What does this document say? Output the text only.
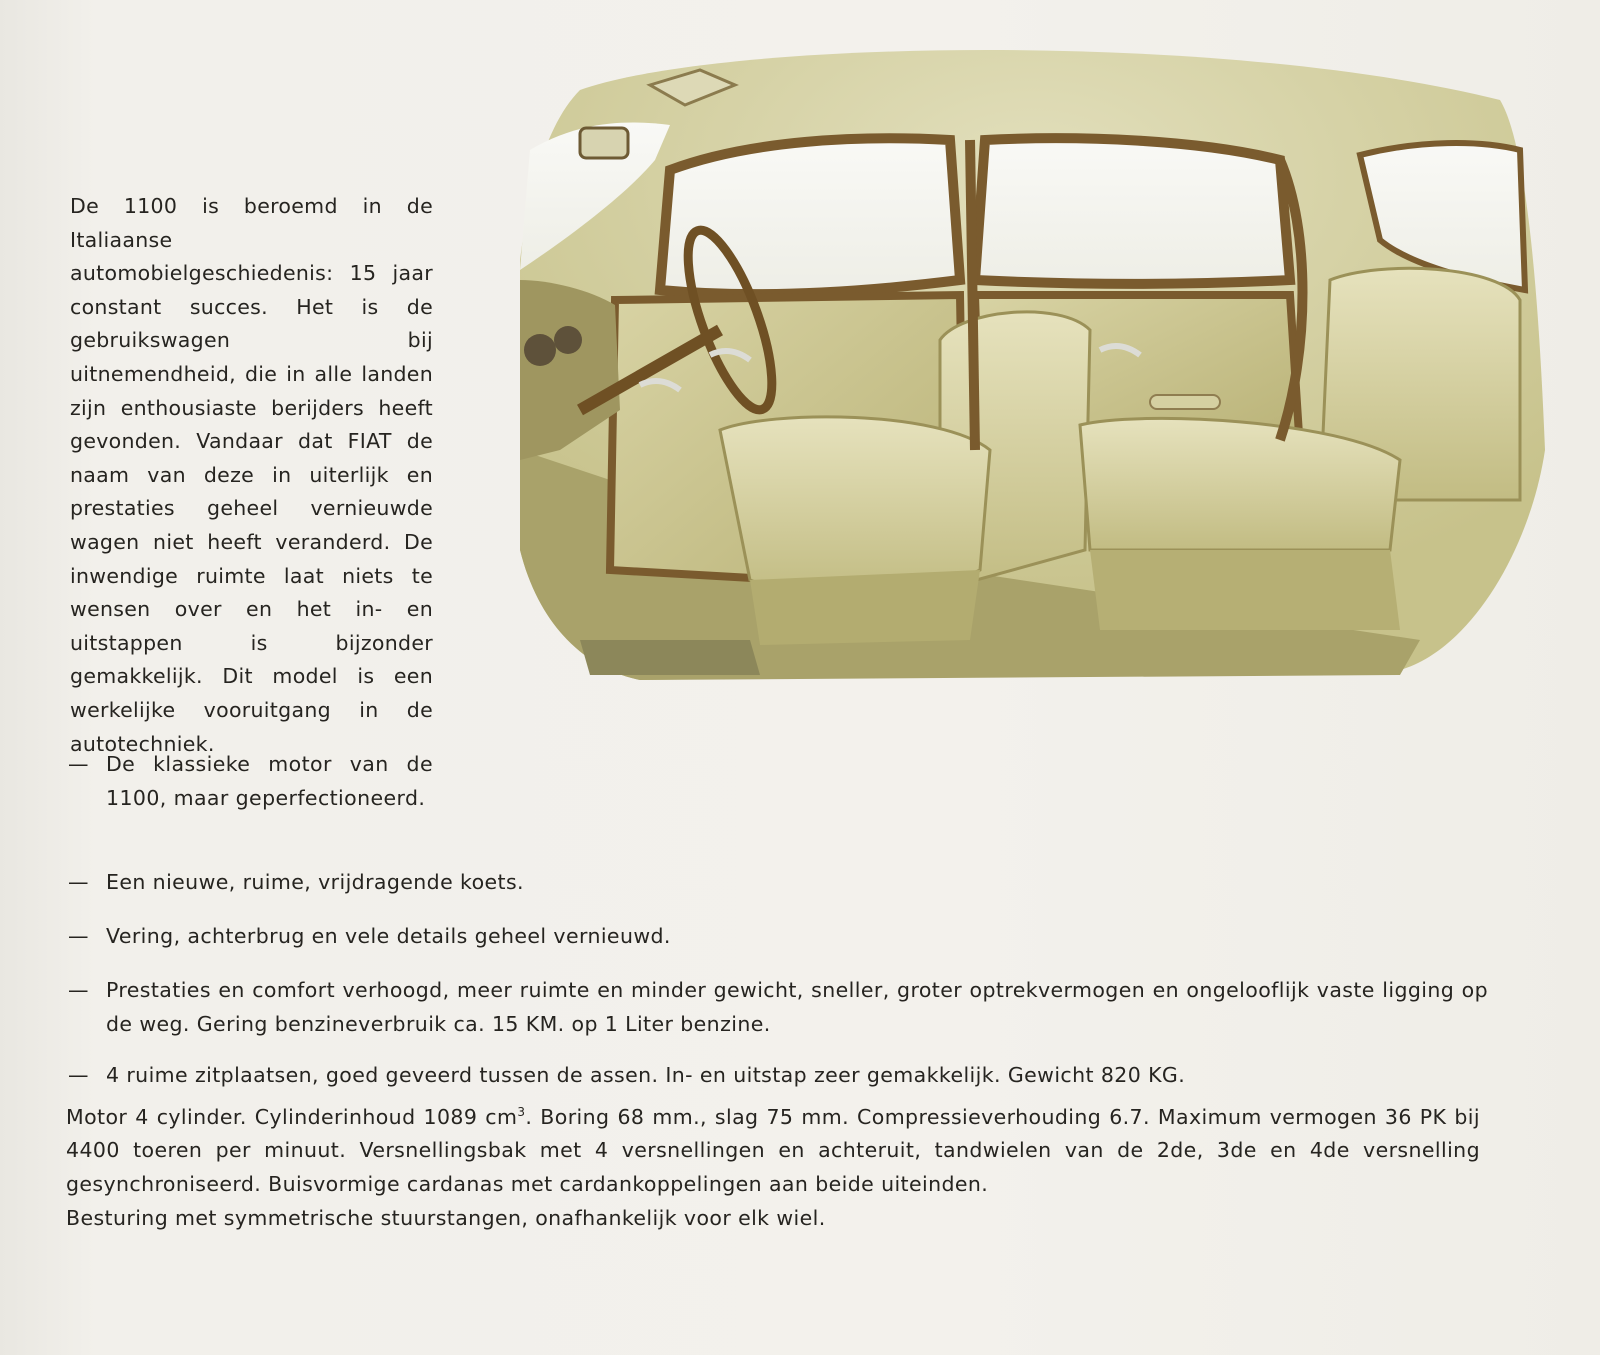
De 1100 is beroemd in de Italiaanse automobielgeschiedenis: 15 jaar constant succes. Het is de gebruikswagen bij uitnemendheid, die in alle landen zijn enthousiaste berijders heeft gevonden. Vandaar dat FIAT de naam van deze in uiterlijk en prestaties geheel vernieuwde wagen niet heeft veranderd. De inwendige ruimte laat niets te wensen over en het in- en uitstappen is bijzonder gemakkelijk. Dit model is een werkelijke vooruitgang in de autotechniek.

— De klassieke motor van de 1100, maar geperfectioneerd.
— Een nieuwe, ruime, vrijdragende koets.
— Vering, achterbrug en vele details geheel vernieuwd.
— Prestaties en comfort verhoogd, meer ruimte en minder gewicht, sneller, groter optrekvermogen en ongelooflijk vaste ligging op de weg. Gering benzineverbruik ca. 15 KM. op 1 Liter benzine.
— 4 ruime zitplaatsen, goed geveerd tussen de assen. In- en uitstap zeer gemakkelijk. Gewicht 820 KG.

Motor 4 cylinder. Cylinderinhoud 1089 $cm^3$. Boring 68 mm., slag 75 mm. Compressieverhouding 6.7. Maximum vermogen 36 PK bij 4400 toeren per minuut. Versnellingsbak met 4 versnellingen en achteruit, tandwielen van de 2de, 3de en 4de versnelling gesynchroniseerd. Buisvormige cardanas met cardankoppelingen aan beide uiteinden.
Besturing met symmetrische stuurstangen, onafhankelijk voor elk wiel.
